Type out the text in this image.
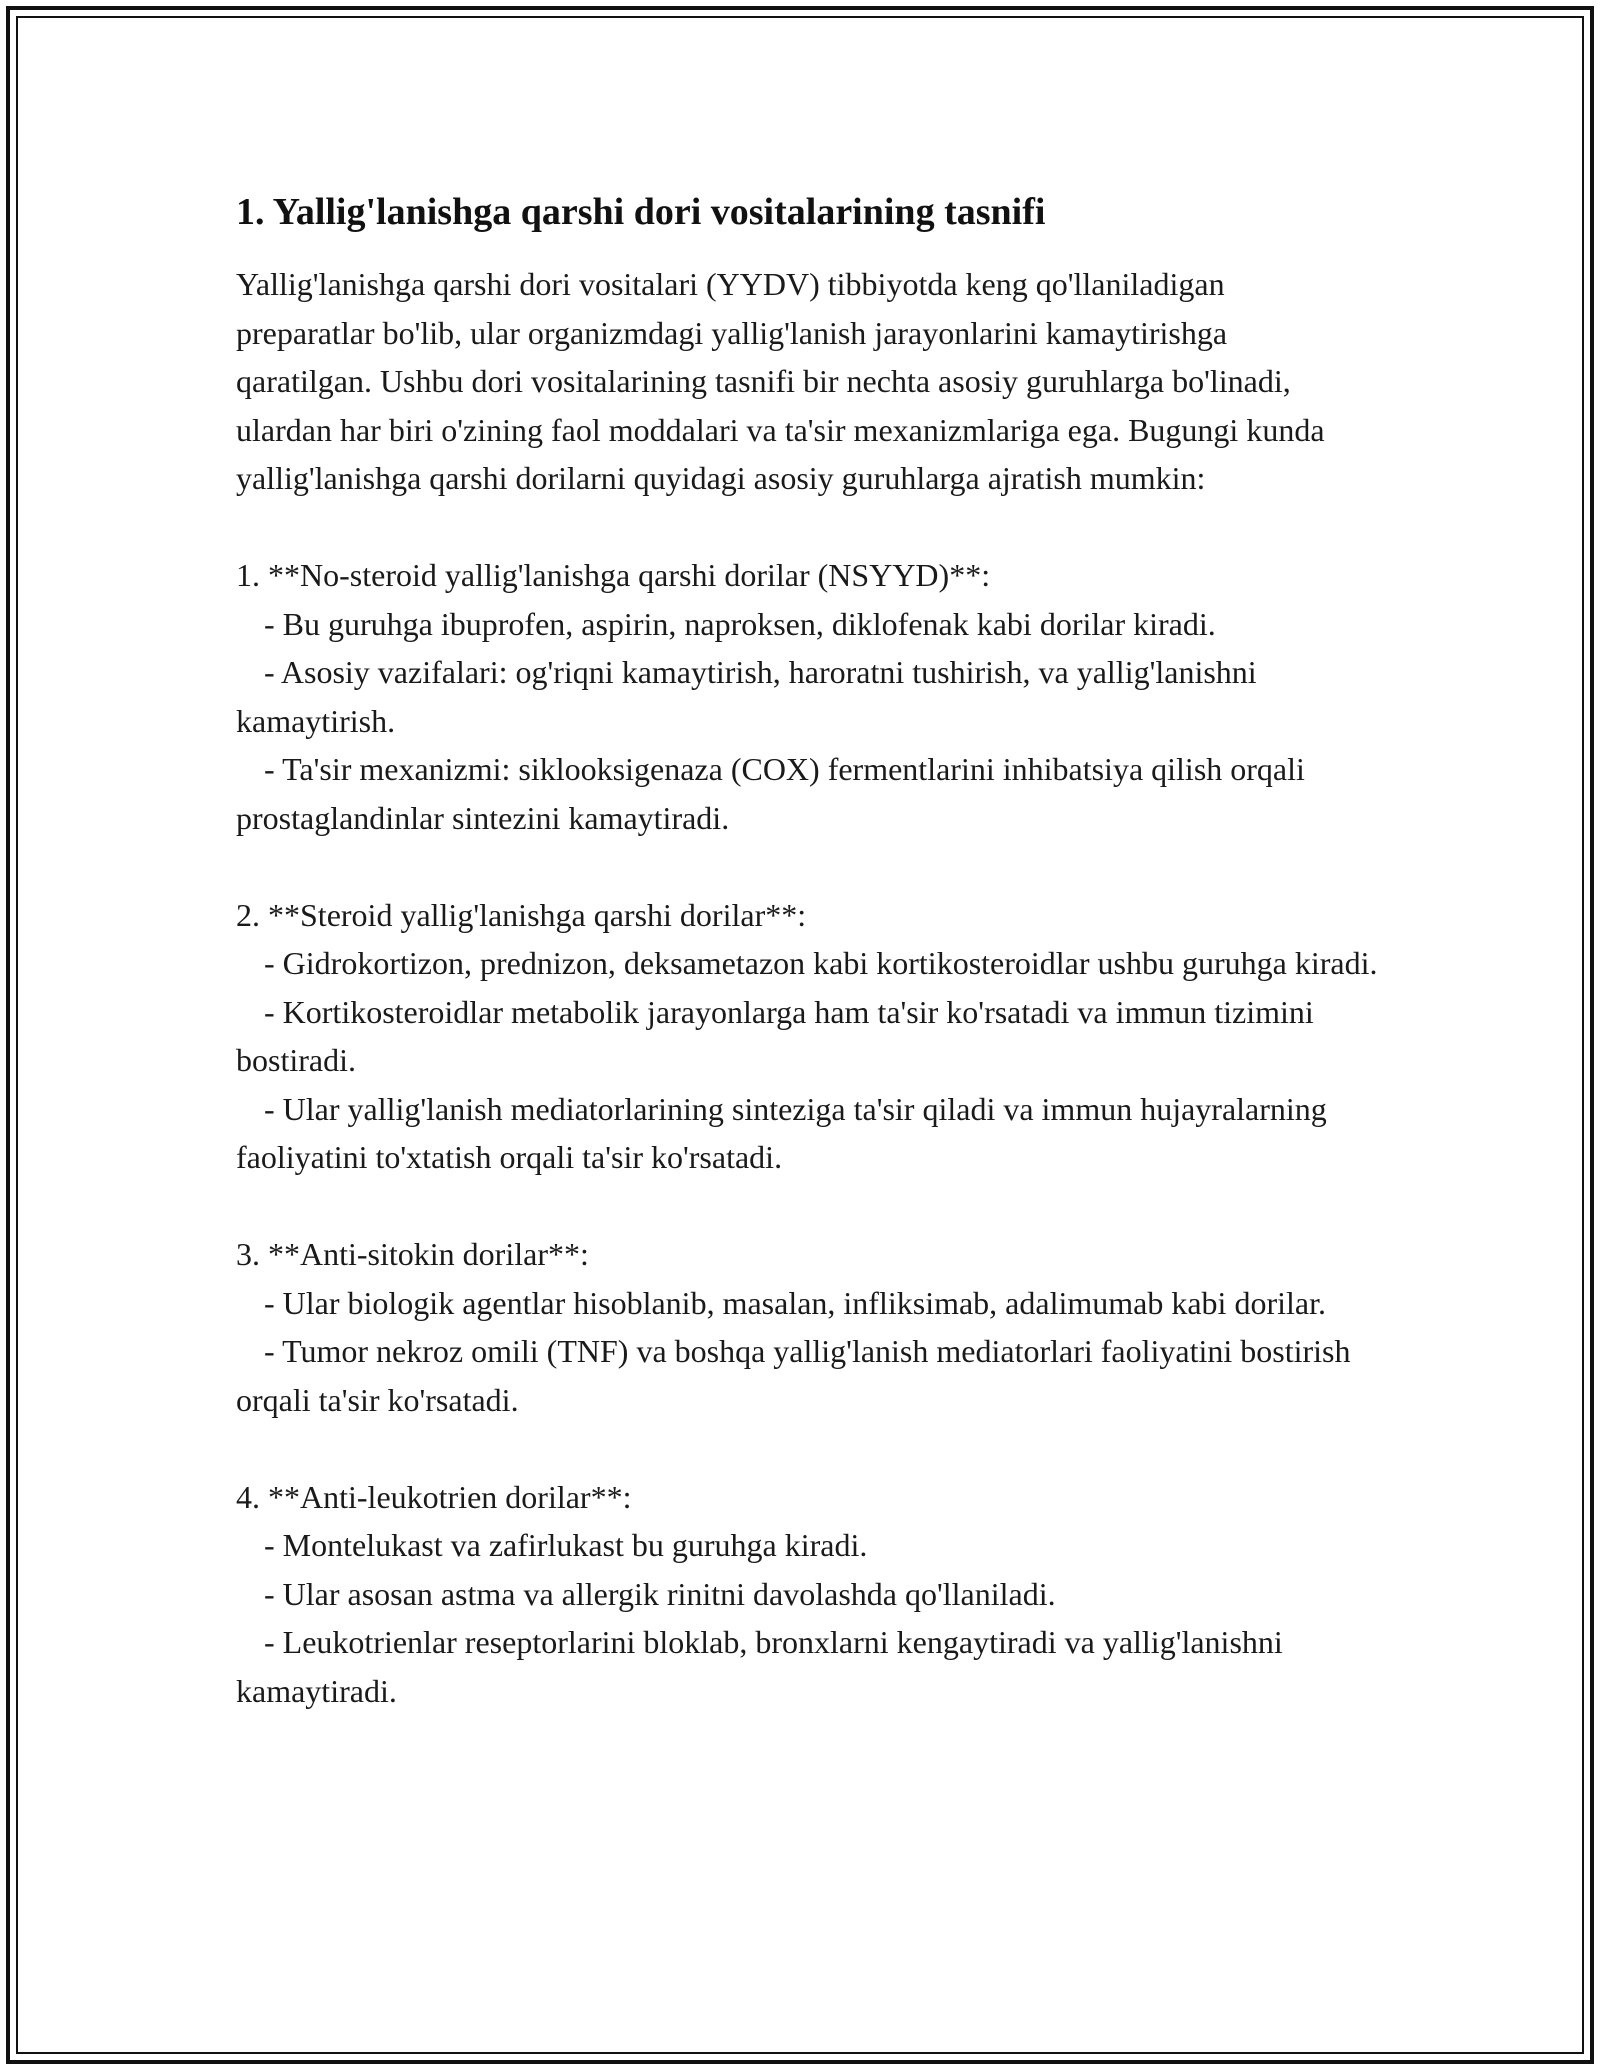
1. Yallig'lanishga qarshi dori vositalarining tasnifi

Yallig'lanishga qarshi dori vositalari (YYDV) tibbiyotda keng qo'llaniladigan preparatlar bo'lib, ular organizmdagi yallig'lanish jarayonlarini kamaytirishga qaratilgan. Ushbu dori vositalarining tasnifi bir nechta asosiy guruhlarga bo'linadi, ulardan har biri o'zining faol moddalari va ta'sir mexanizmlariga ega. Bugungi kunda yallig'lanishga qarshi dorilarni quyidagi asosiy guruhlarga ajratish mumkin:

1. **No-steroid yallig'lanishga qarshi dorilar (NSYYD)**:

- Bu guruhga ibuprofen, aspirin, naproksen, diklofenak kabi dorilar kiradi.

- Asosiy vazifalari: og'riqni kamaytirish, haroratni tushirish, va yallig'lanishni kamaytirish.

- Ta'sir mexanizmi: siklooksigenaza (COX) fermentlarini inhibatsiya qilish orqali prostaglandinlar sintezini kamaytiradi.

2. **Steroid yallig'lanishga qarshi dorilar**:

- Gidrokortizon, prednizon, deksametazon kabi kortikosteroidlar ushbu guruhga kiradi.

- Kortikosteroidlar metabolik jarayonlarga ham ta'sir ko'rsatadi va immun tizimini bostiradi.

- Ular yallig'lanish mediatorlarining sinteziga ta'sir qiladi va immun hujayralarning faoliyatini to'xtatish orqali ta'sir ko'rsatadi.

3. **Anti-sitokin dorilar**:

- Ular biologik agentlar hisoblanib, masalan, infliksimab, adalimumab kabi dorilar.

- Tumor nekroz omili (TNF) va boshqa yallig'lanish mediatorlari faoliyatini bostirish orqali ta'sir ko'rsatadi.

4. **Anti-leukotrien dorilar**:

- Montelukast va zafirlukast bu guruhga kiradi.

- Ular asosan astma va allergik rinitni davolashda qo'llaniladi.

- Leukotrienlar reseptorlarini bloklab, bronxlarni kengaytiradi va yallig'lanishni kamaytiradi.
